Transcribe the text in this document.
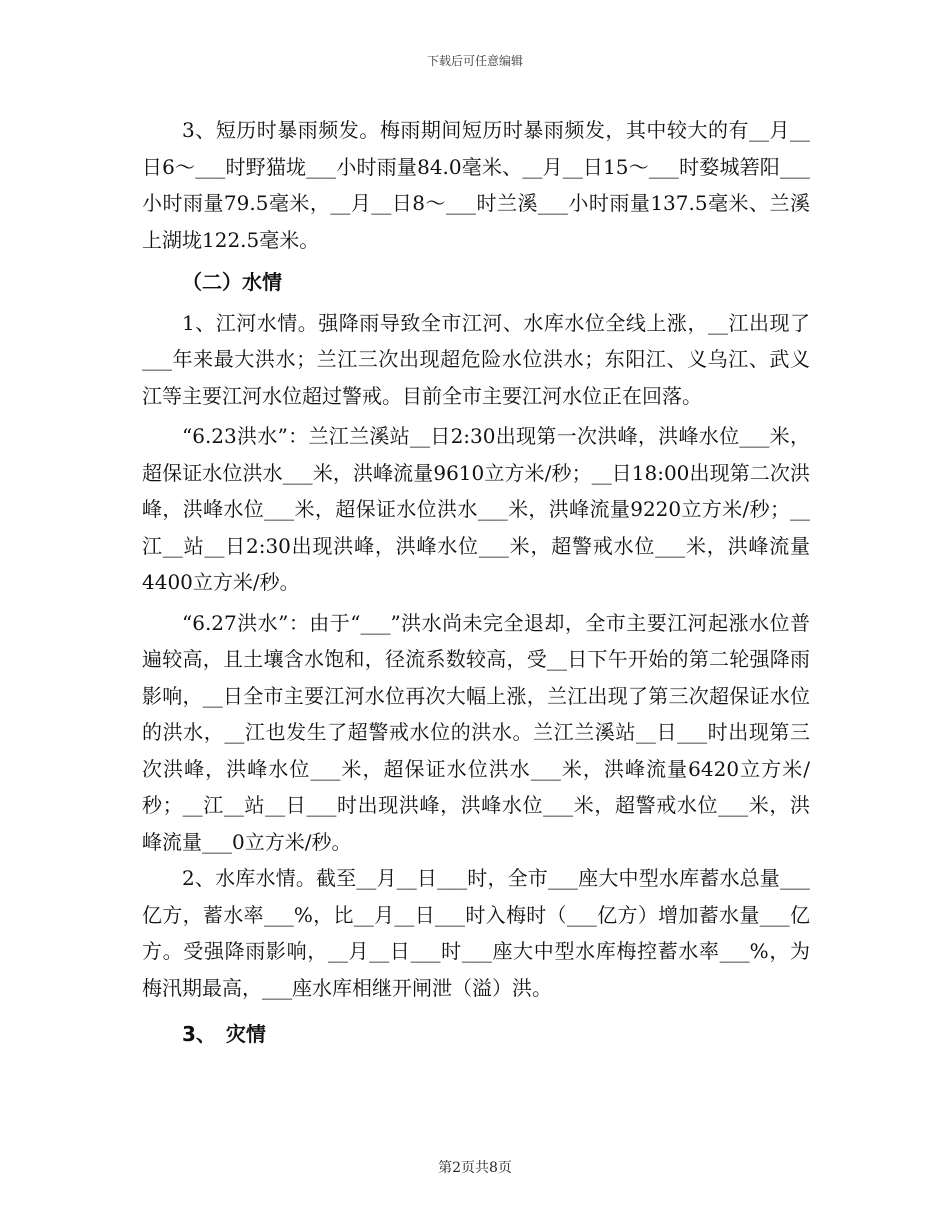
下载后可任意编辑

3、短历时暴雨频发。梅雨期间短历时暴雨频发，其中较大的有__月__日6～___时野猫垅___小时雨量84.0毫米、__月__日15～___时婺城箬阳___小时雨量79.5毫米，__月__日8～___时兰溪___小时雨量137.5毫米、兰溪上湖垅122.5毫米。

（二）水情

1、江河水情。强降雨导致全市江河、水库水位全线上涨，__江出现了___年来最大洪水；兰江三次出现超危险水位洪水；东阳江、义乌江、武义江等主要江河水位超过警戒。目前全市主要江河水位正在回落。

“6.23洪水”：兰江兰溪站__日2:30出现第一次洪峰，洪峰水位___米，超保证水位洪水___米，洪峰流量9610立方米/秒；__日18:00出现第二次洪峰，洪峰水位___米，超保证水位洪水___米，洪峰流量9220立方米/秒；__江__站__日2:30出现洪峰，洪峰水位___米，超警戒水位___米，洪峰流量4400立方米/秒。

“6.27洪水”：由于“___”洪水尚未完全退却，全市主要江河起涨水位普遍较高，且土壤含水饱和，径流系数较高，受__日下午开始的第二轮强降雨影响，__日全市主要江河水位再次大幅上涨，兰江出现了第三次超保证水位的洪水，__江也发生了超警戒水位的洪水。兰江兰溪站__日___时出现第三次洪峰，洪峰水位___米，超保证水位洪水___米，洪峰流量6420立方米/秒；__江__站__日___时出现洪峰，洪峰水位___米，超警戒水位___米，洪峰流量___0立方米/秒。

2、水库水情。截至__月__日___时，全市___座大中型水库蓄水总量___亿方，蓄水率___%，比__月__日___时入梅时（___亿方）增加蓄水量___亿方。受强降雨影响，__月__日___时___座大中型水库梅控蓄水率___%，为梅汛期最高，___座水库相继开闸泄（溢）洪。

3、　灾情

第2页共8页
